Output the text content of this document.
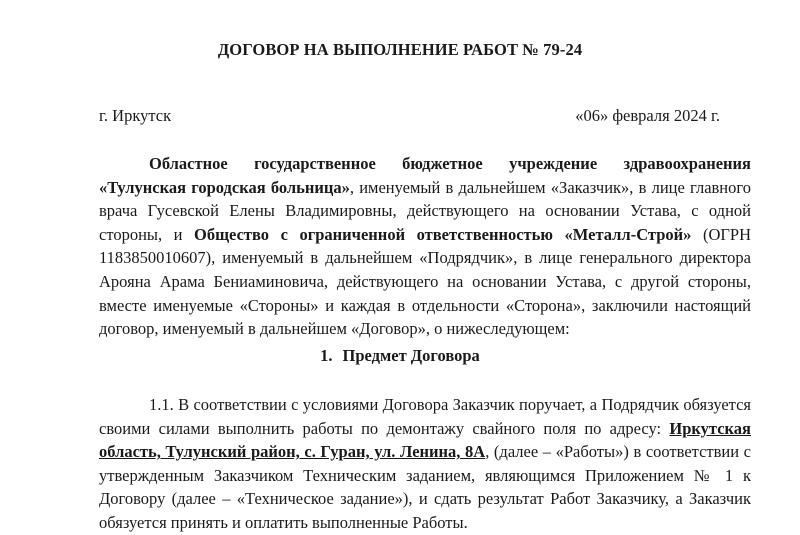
ДОГОВОР НА ВЫПОЛНЕНИЕ РАБОТ № 79-24
г. Иркутск	«06» февраля 2024 г.
Областное государственное бюджетное учреждение здравоохранения «Тулунская городская больница», именуемый в дальнейшем «Заказчик», в лице главного врача Гусевской Елены Владимировны, действующего на основании Устава, с одной стороны, и Общество с ограниченной ответственностью «Металл-Строй» (ОГРН 1183850010607), именуемый в дальнейшем «Подрядчик», в лице генерального директора Арояна Арама Бениаминовича, действующего на основании Устава, с другой стороны, вместе именуемые «Стороны» и каждая в отдельности «Сторона», заключили настоящий договор, именуемый в дальнейшем «Договор», о нижеследующем:
1. Предмет Договора
1.1. В соответствии с условиями Договора Заказчик поручает, а Подрядчик обязуется своими силами выполнить работы по демонтажу свайного поля по адресу: Иркутская область, Тулунский район, с. Гуран, ул. Ленина, 8А, (далее – «Работы») в соответствии с утвержденным Заказчиком Техническим заданием, являющимся Приложением № 1 к Договору (далее – «Техническое задание»), и сдать результат Работ Заказчику, а Заказчик обязуется принять и оплатить выполненные Работы.
